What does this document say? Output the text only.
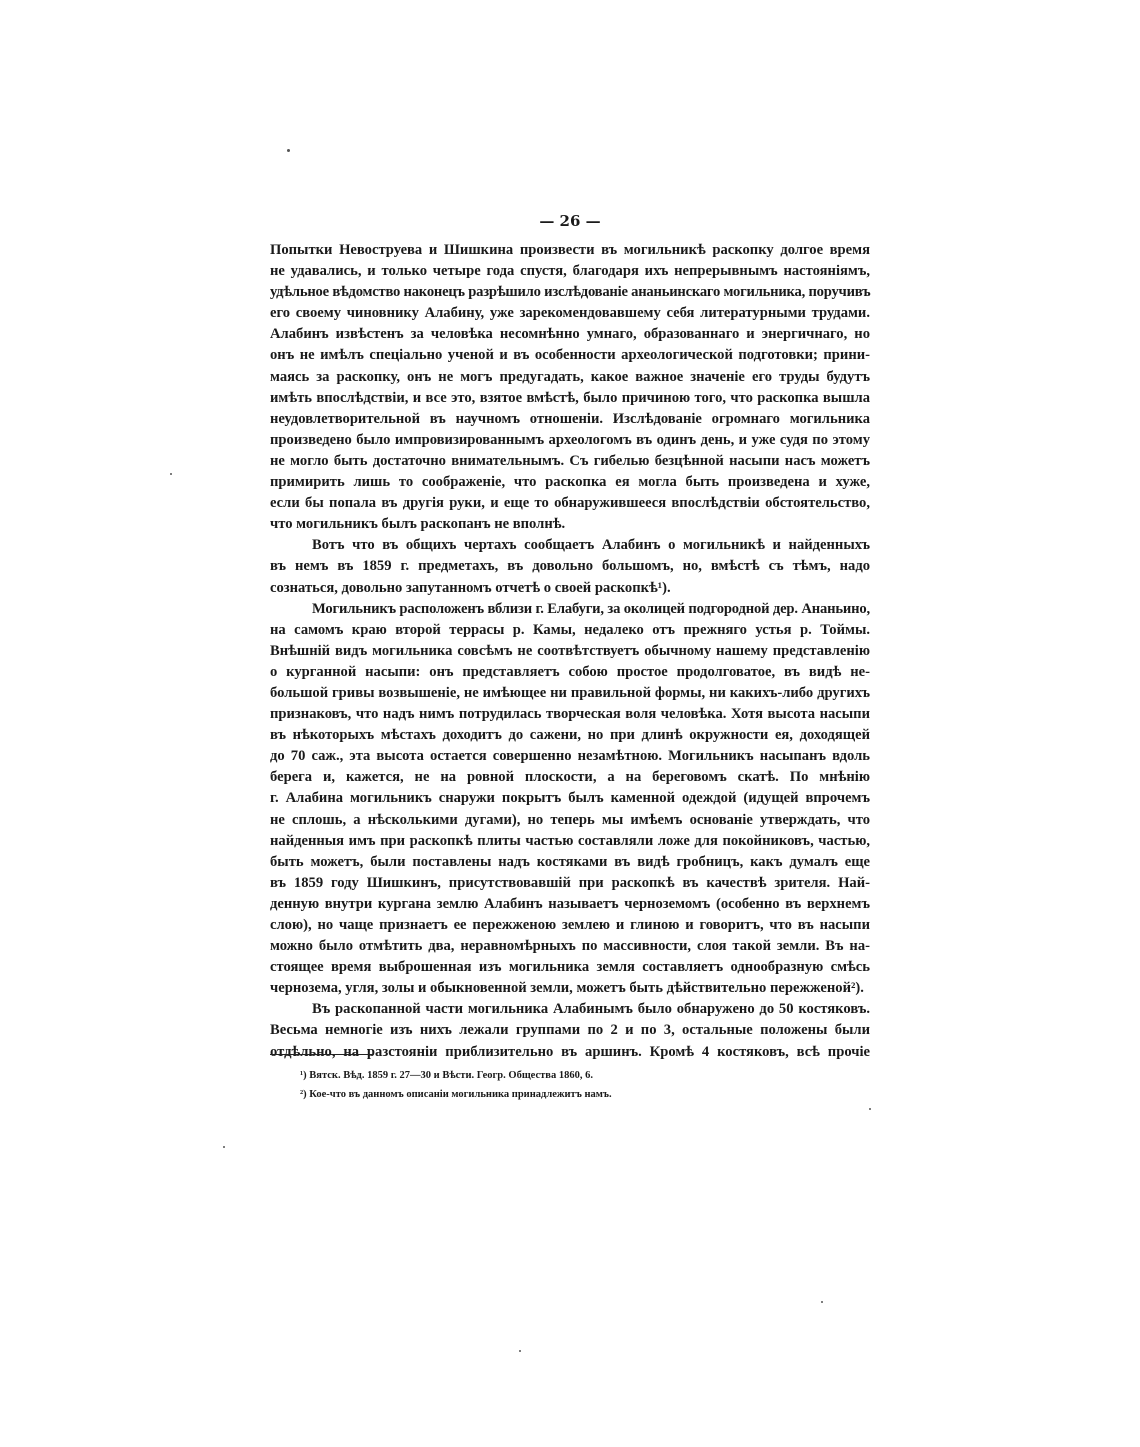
— 26 —

Попытки Невоструева и Шишкина произвести въ могильникѣ раскопку долгое время
не удавались, и только четыре года спустя, благодаря ихъ непрерывнымъ настояніямъ,
удѣльное вѣдомство наконецъ разрѣшило изслѣдованіе ананьинскаго могильника, поручивъ
его своему чиновнику Алабину, уже зарекомендовавшему себя литературными трудами.
Алабинъ извѣстенъ за человѣка несомнѣнно умнаго, образованнаго и энергичнаго, но
онъ не имѣлъ спеціально ученой и въ особенности археологической подготовки; прини-
маясь за раскопку, онъ не могъ предугадать, какое важное значеніе его труды будутъ
имѣть впослѣдствіи, и все это, взятое вмѣстѣ, было причиною того, что раскопка вышла
неудовлетворительной въ научномъ отношеніи. Изслѣдованіе огромнаго могильника
произведено было импровизированнымъ археологомъ въ одинъ день, и уже судя по этому
не могло быть достаточно внимательнымъ. Съ гибелью безцѣнной насыпи насъ можетъ
примирить лишь то соображеніе, что раскопка ея могла быть произведена и хуже,
если бы попала въ другія руки, и еще то обнаружившееся впослѣдствіи обстоятельство,
что могильникъ былъ раскопанъ не вполнѣ.

Вотъ что въ общихъ чертахъ сообщаетъ Алабинъ о могильникѣ и найденныхъ
въ немъ въ 1859 г. предметахъ, въ довольно большомъ, но, вмѣстѣ съ тѣмъ, надо
сознаться, довольно запутанномъ отчетѣ о своей раскопкѣ¹).

Могильникъ расположенъ вблизи г. Елабуги, за околицей подгородной дер. Ананьино,
на самомъ краю второй террасы р. Камы, недалеко отъ прежняго устья р. Тоймы.
Внѣшній видъ могильника совсѣмъ не соотвѣтствуетъ обычному нашему представленію
о курганной насыпи: онъ представляетъ собою простое продолговатое, въ видѣ не-
большой гривы возвышеніе, не имѣющее ни правильной формы, ни какихъ-либо другихъ
признаковъ, что надъ нимъ потрудилась творческая воля человѣка. Хотя высота насыпи
въ нѣкоторыхъ мѣстахъ доходитъ до сажени, но при длинѣ окружности ея, доходящей
до 70 саж., эта высота остается совершенно незамѣтною. Могильникъ насыпанъ вдоль
берега и, кажется, не на ровной плоскости, а на береговомъ скатѣ. По мнѣнію
г. Алабина могильникъ снаружи покрытъ былъ каменной одеждой (идущей впрочемъ
не сплошь, а нѣсколькими дугами), но теперь мы имѣемъ основаніе утверждать, что
найденныя имъ при раскопкѣ плиты частью составляли ложе для покойниковъ, частью,
быть можетъ, были поставлены надъ костяками въ видѣ гробницъ, какъ думалъ еще
въ 1859 году Шишкинъ, присутствовавшій при раскопкѣ въ качествѣ зрителя. Най-
денную внутри кургана землю Алабинъ называетъ черноземомъ (особенно въ верхнемъ
слою), но чаще признаетъ ее пережженою землею и глиною и говоритъ, что въ насыпи
можно было отмѣтить два, неравномѣрныхъ по массивности, слоя такой земли. Въ на-
стоящее время выброшенная изъ могильника земля составляетъ однообразную смѣсь
чернозема, угля, золы и обыкновенной земли, можетъ быть дѣйствительно пережженой²).

Въ раскопанной части могильника Алабинымъ было обнаружено до 50 костяковъ.
Весьма немногіе изъ нихъ лежали группами по 2 и по 3, остальные положены были
отдѣльно, на разстояніи приблизительно въ аршинъ. Кромѣ 4 костяковъ, всѣ прочіе

¹) Вятск. Вѣд. 1859 г. 27—30 и Вѣсти. Геогр. Общества 1860, 6.
²) Кое-что въ данномъ описаніи могильника принадлежитъ намъ.
